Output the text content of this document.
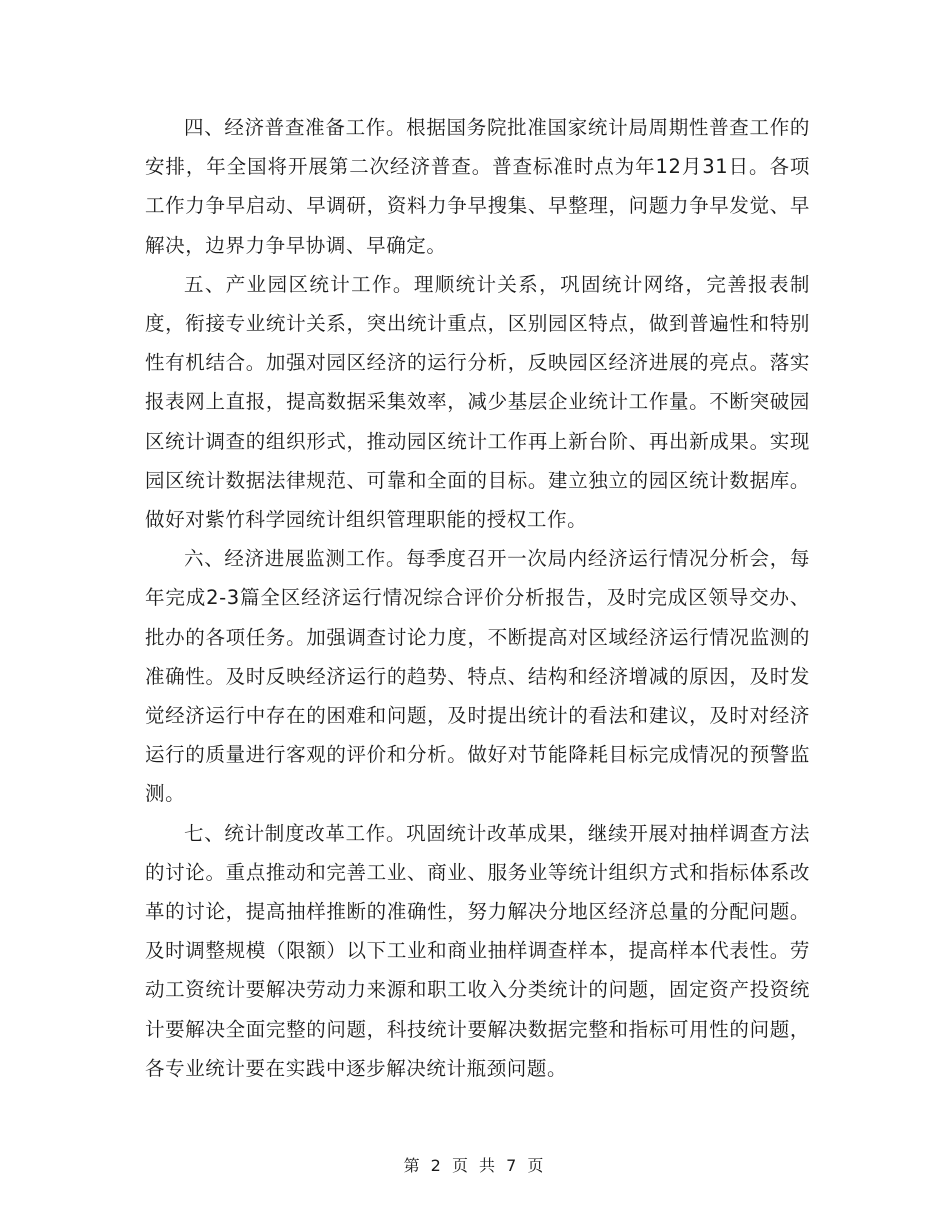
四、经济普查准备工作。根据国务院批准国家统计局周期性普查工作的安排，年全国将开展第二次经济普查。普查标准时点为年12月31日。各项工作力争早启动、早调研，资料力争早搜集、早整理，问题力争早发觉、早解决，边界力争早协调、早确定。

五、产业园区统计工作。理顺统计关系，巩固统计网络，完善报表制度，衔接专业统计关系，突出统计重点，区别园区特点，做到普遍性和特别性有机结合。加强对园区经济的运行分析，反映园区经济进展的亮点。落实报表网上直报，提高数据采集效率，减少基层企业统计工作量。不断突破园区统计调查的组织形式，推动园区统计工作再上新台阶、再出新成果。实现园区统计数据法律规范、可靠和全面的目标。建立独立的园区统计数据库。做好对紫竹科学园统计组织管理职能的授权工作。

六、经济进展监测工作。每季度召开一次局内经济运行情况分析会，每年完成2-3篇全区经济运行情况综合评价分析报告，及时完成区领导交办、批办的各项任务。加强调查讨论力度，不断提高对区域经济运行情况监测的准确性。及时反映经济运行的趋势、特点、结构和经济增减的原因，及时发觉经济运行中存在的困难和问题，及时提出统计的看法和建议，及时对经济运行的质量进行客观的评价和分析。做好对节能降耗目标完成情况的预警监测。

七、统计制度改革工作。巩固统计改革成果，继续开展对抽样调查方法的讨论。重点推动和完善工业、商业、服务业等统计组织方式和指标体系改革的讨论，提高抽样推断的准确性，努力解决分地区经济总量的分配问题。及时调整规模（限额）以下工业和商业抽样调查样本，提高样本代表性。劳动工资统计要解决劳动力来源和职工收入分类统计的问题，固定资产投资统计要解决全面完整的问题，科技统计要解决数据完整和指标可用性的问题，各专业统计要在实践中逐步解决统计瓶颈问题。

第 2 页 共 7 页
